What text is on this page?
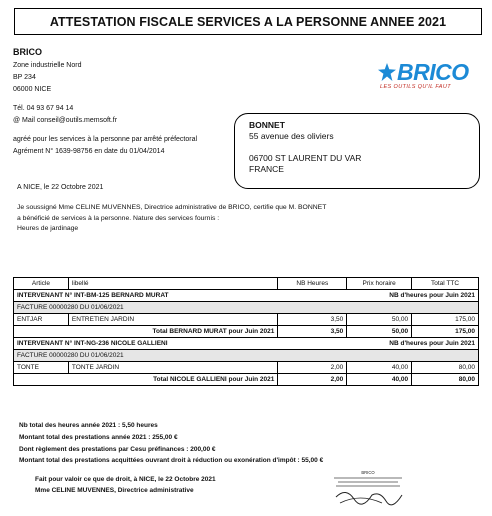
ATTESTATION FISCALE SERVICES A LA PERSONNE ANNEE 2021
BRICO
Zone industrielle Nord
BP 234
06000 NICE
Tél. 04 93 67 94 14
@ Mail conseil@outils.memsoft.fr
agréé pour les services à la personne par arrêté préfectoral
Agrément N° 1639-98756 en date du 01/04/2014
BRICO
LES OUTILS QU'IL FAUT
BONNET
55 avenue des oliviers
06700 ST LAURENT DU VAR
FRANCE
A NICE, le 22 Octobre 2021
Je soussigné Mme CELINE MUVENNES, Directrice administrative de BRICO, certifie que M. BONNET
a bénéficié de services à la personne. Nature des services fournis :
Heures de jardinage
Article	libellé	NB Heures	Prix horaire	Total TTC
INTERVENANT N° INT-BM-125 BERNARD MURAT		NB d'heures pour Juin 2021		
FACTURE 00000280 DU 01/06/2021				
ENTJAR	ENTRETIEN JARDIN	3,50	50,00	175,00
Total BERNARD MURAT pour Juin 2021		3,50	50,00	175,00
INTERVENANT N° INT-NG-236 NICOLE GALLIENI		NB d'heures pour Juin 2021		
FACTURE 00000280 DU 01/06/2021				
TONTE	TONTE JARDIN	2,00	40,00	80,00
Total NICOLE GALLIENI pour Juin 2021		2,00	40,00	80,00
Nb total des heures année 2021 : 5,50 heures
Montant total des prestations année 2021 : 255,00 €
Dont règlement des prestations par Cesu préfinances : 200,00 €
Montant total des prestations acquittées ouvrant droit à réduction ou exonération d'impôt : 55,00 €
Fait pour valoir ce que de droit, à NICE, le 22 Octobre 2021
Mme CELINE MUVENNES, Directrice administrative
BRICO
